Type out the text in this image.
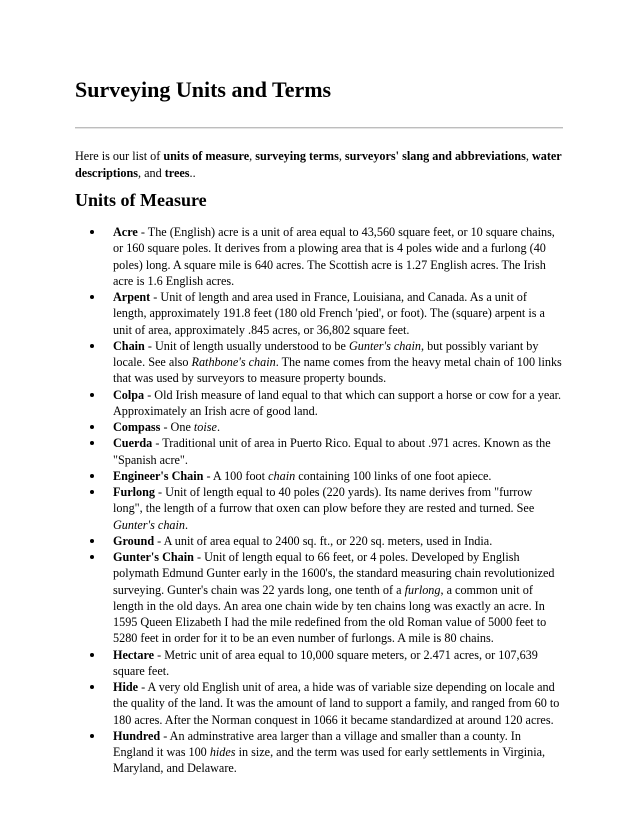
Surveying Units and Terms

Here is our list of units of measure, surveying terms, surveyors' slang and abbreviations, water descriptions, and trees..

Units of Measure
Acre - The (English) acre is a unit of area equal to 43,560 square feet, or 10 square chains, or 160 square poles. It derives from a plowing area that is 4 poles wide and a furlong (40 poles) long. A square mile is 640 acres. The Scottish acre is 1.27 English acres. The Irish acre is 1.6 English acres.
Arpent - Unit of length and area used in France, Louisiana, and Canada. As a unit of length, approximately 191.8 feet (180 old French 'pied', or foot). The (square) arpent is a unit of area, approximately .845 acres, or 36,802 square feet.
Chain - Unit of length usually understood to be Gunter's chain, but possibly variant by locale. See also Rathbone's chain. The name comes from the heavy metal chain of 100 links that was used by surveyors to measure property bounds.
Colpa - Old Irish measure of land equal to that which can support a horse or cow for a year. Approximately an Irish acre of good land.
Compass - One toise.
Cuerda - Traditional unit of area in Puerto Rico. Equal to about .971 acres. Known as the "Spanish acre".
Engineer's Chain - A 100 foot chain containing 100 links of one foot apiece.
Furlong - Unit of length equal to 40 poles (220 yards). Its name derives from "furrow long", the length of a furrow that oxen can plow before they are rested and turned. See Gunter's chain.
Ground - A unit of area equal to 2400 sq. ft., or 220 sq. meters, used in India.
Gunter's Chain - Unit of length equal to 66 feet, or 4 poles. Developed by English polymath Edmund Gunter early in the 1600's, the standard measuring chain revolutionized surveying. Gunter's chain was 22 yards long, one tenth of a furlong, a common unit of length in the old days. An area one chain wide by ten chains long was exactly an acre. In 1595 Queen Elizabeth I had the mile redefined from the old Roman value of 5000 feet to 5280 feet in order for it to be an even number of furlongs. A mile is 80 chains.
Hectare - Metric unit of area equal to 10,000 square meters, or 2.471 acres, or 107,639 square feet.
Hide - A very old English unit of area, a hide was of variable size depending on locale and the quality of the land. It was the amount of land to support a family, and ranged from 60 to 180 acres. After the Norman conquest in 1066 it became standardized at around 120 acres.
Hundred - An adminstrative area larger than a village and smaller than a county. In England it was 100 hides in size, and the term was used for early settlements in Virginia, Maryland, and Delaware.
